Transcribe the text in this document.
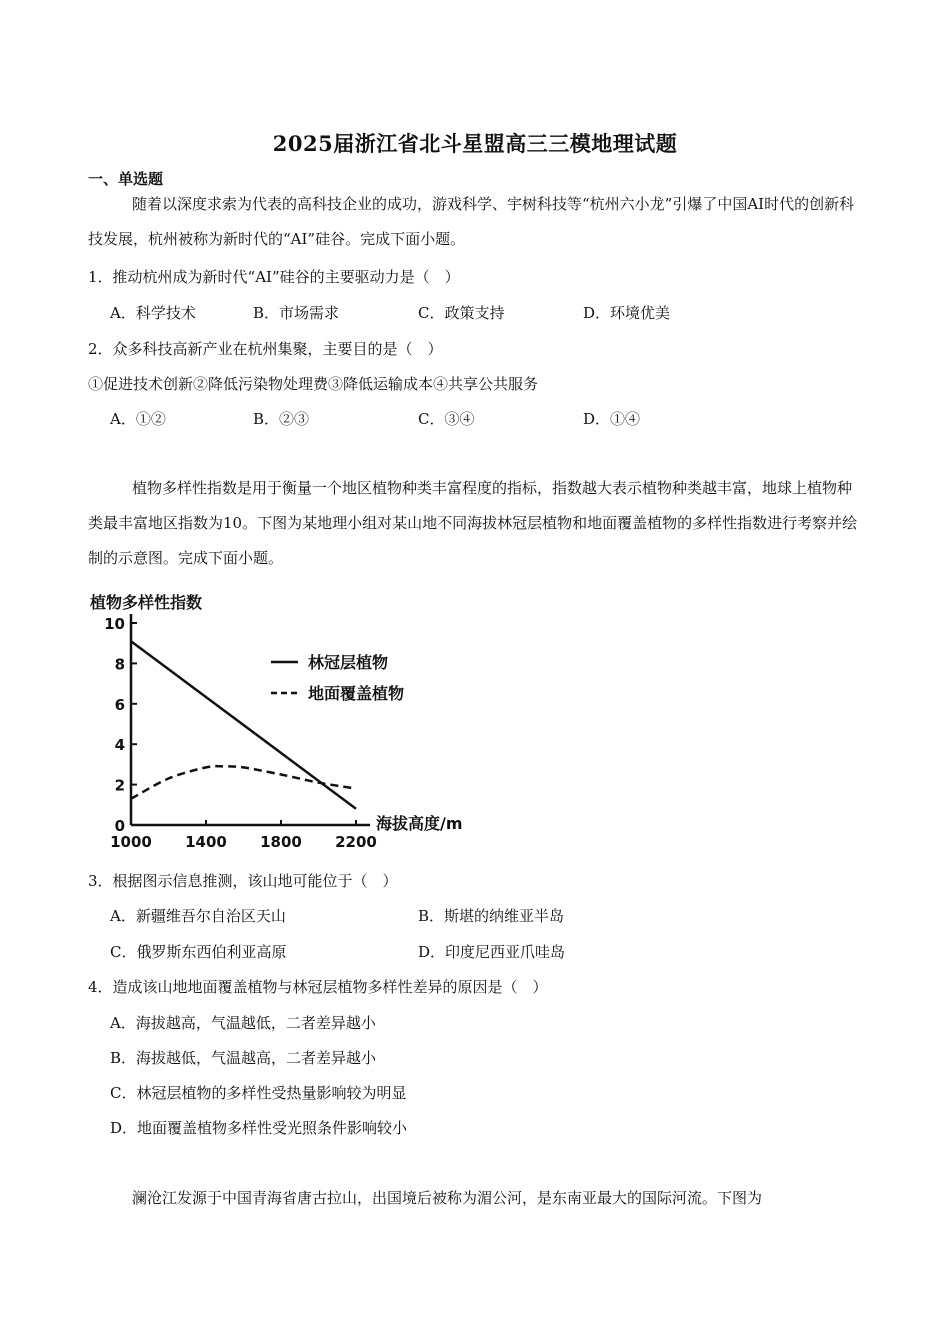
2025届浙江省北斗星盟高三三模地理试题
一、单选题
随着以深度求索为代表的高科技企业的成功，游戏科学、宇树科技等“杭州六小龙”引爆了中国AI时代的创新科技发展，杭州被称为新时代的“AI”硅谷。完成下面小题。
1．推动杭州成为新时代“AI”硅谷的主要驱动力是（　）
A．科学技术	B．市场需求	C．政策支持	D．环境优美
2．众多科技高新产业在杭州集聚，主要目的是（　）
①促进技术创新②降低污染物处理费③降低运输成本④共享公共服务
A．①②	B．②③	C．③④	D．①④
植物多样性指数是用于衡量一个地区植物种类丰富程度的指标，指数越大表示植物种类越丰富，地球上植物种类最丰富地区指数为10。下图为某地理小组对某山地不同海拔林冠层植物和地面覆盖植物的多样性指数进行考察并绘制的示意图。完成下面小题。
植物多样性指数
0
2
4
6
8
10
1000 1400 1800 2200
海拔高度/m
林冠层植物
地面覆盖植物
3．根据图示信息推测，该山地可能位于（　）
A．新疆维吾尔自治区天山	B．斯堪的纳维亚半岛
C．俄罗斯东西伯利亚高原	D．印度尼西亚爪哇岛
4．造成该山地地面覆盖植物与林冠层植物多样性差异的原因是（　）
A．海拔越高，气温越低，二者差异越小
B．海拔越低，气温越高，二者差异越小
C．林冠层植物的多样性受热量影响较为明显
D．地面覆盖植物多样性受光照条件影响较小
澜沧江发源于中国青海省唐古拉山，出国境后被称为湄公河，是东南亚最大的国际河流。下图为
